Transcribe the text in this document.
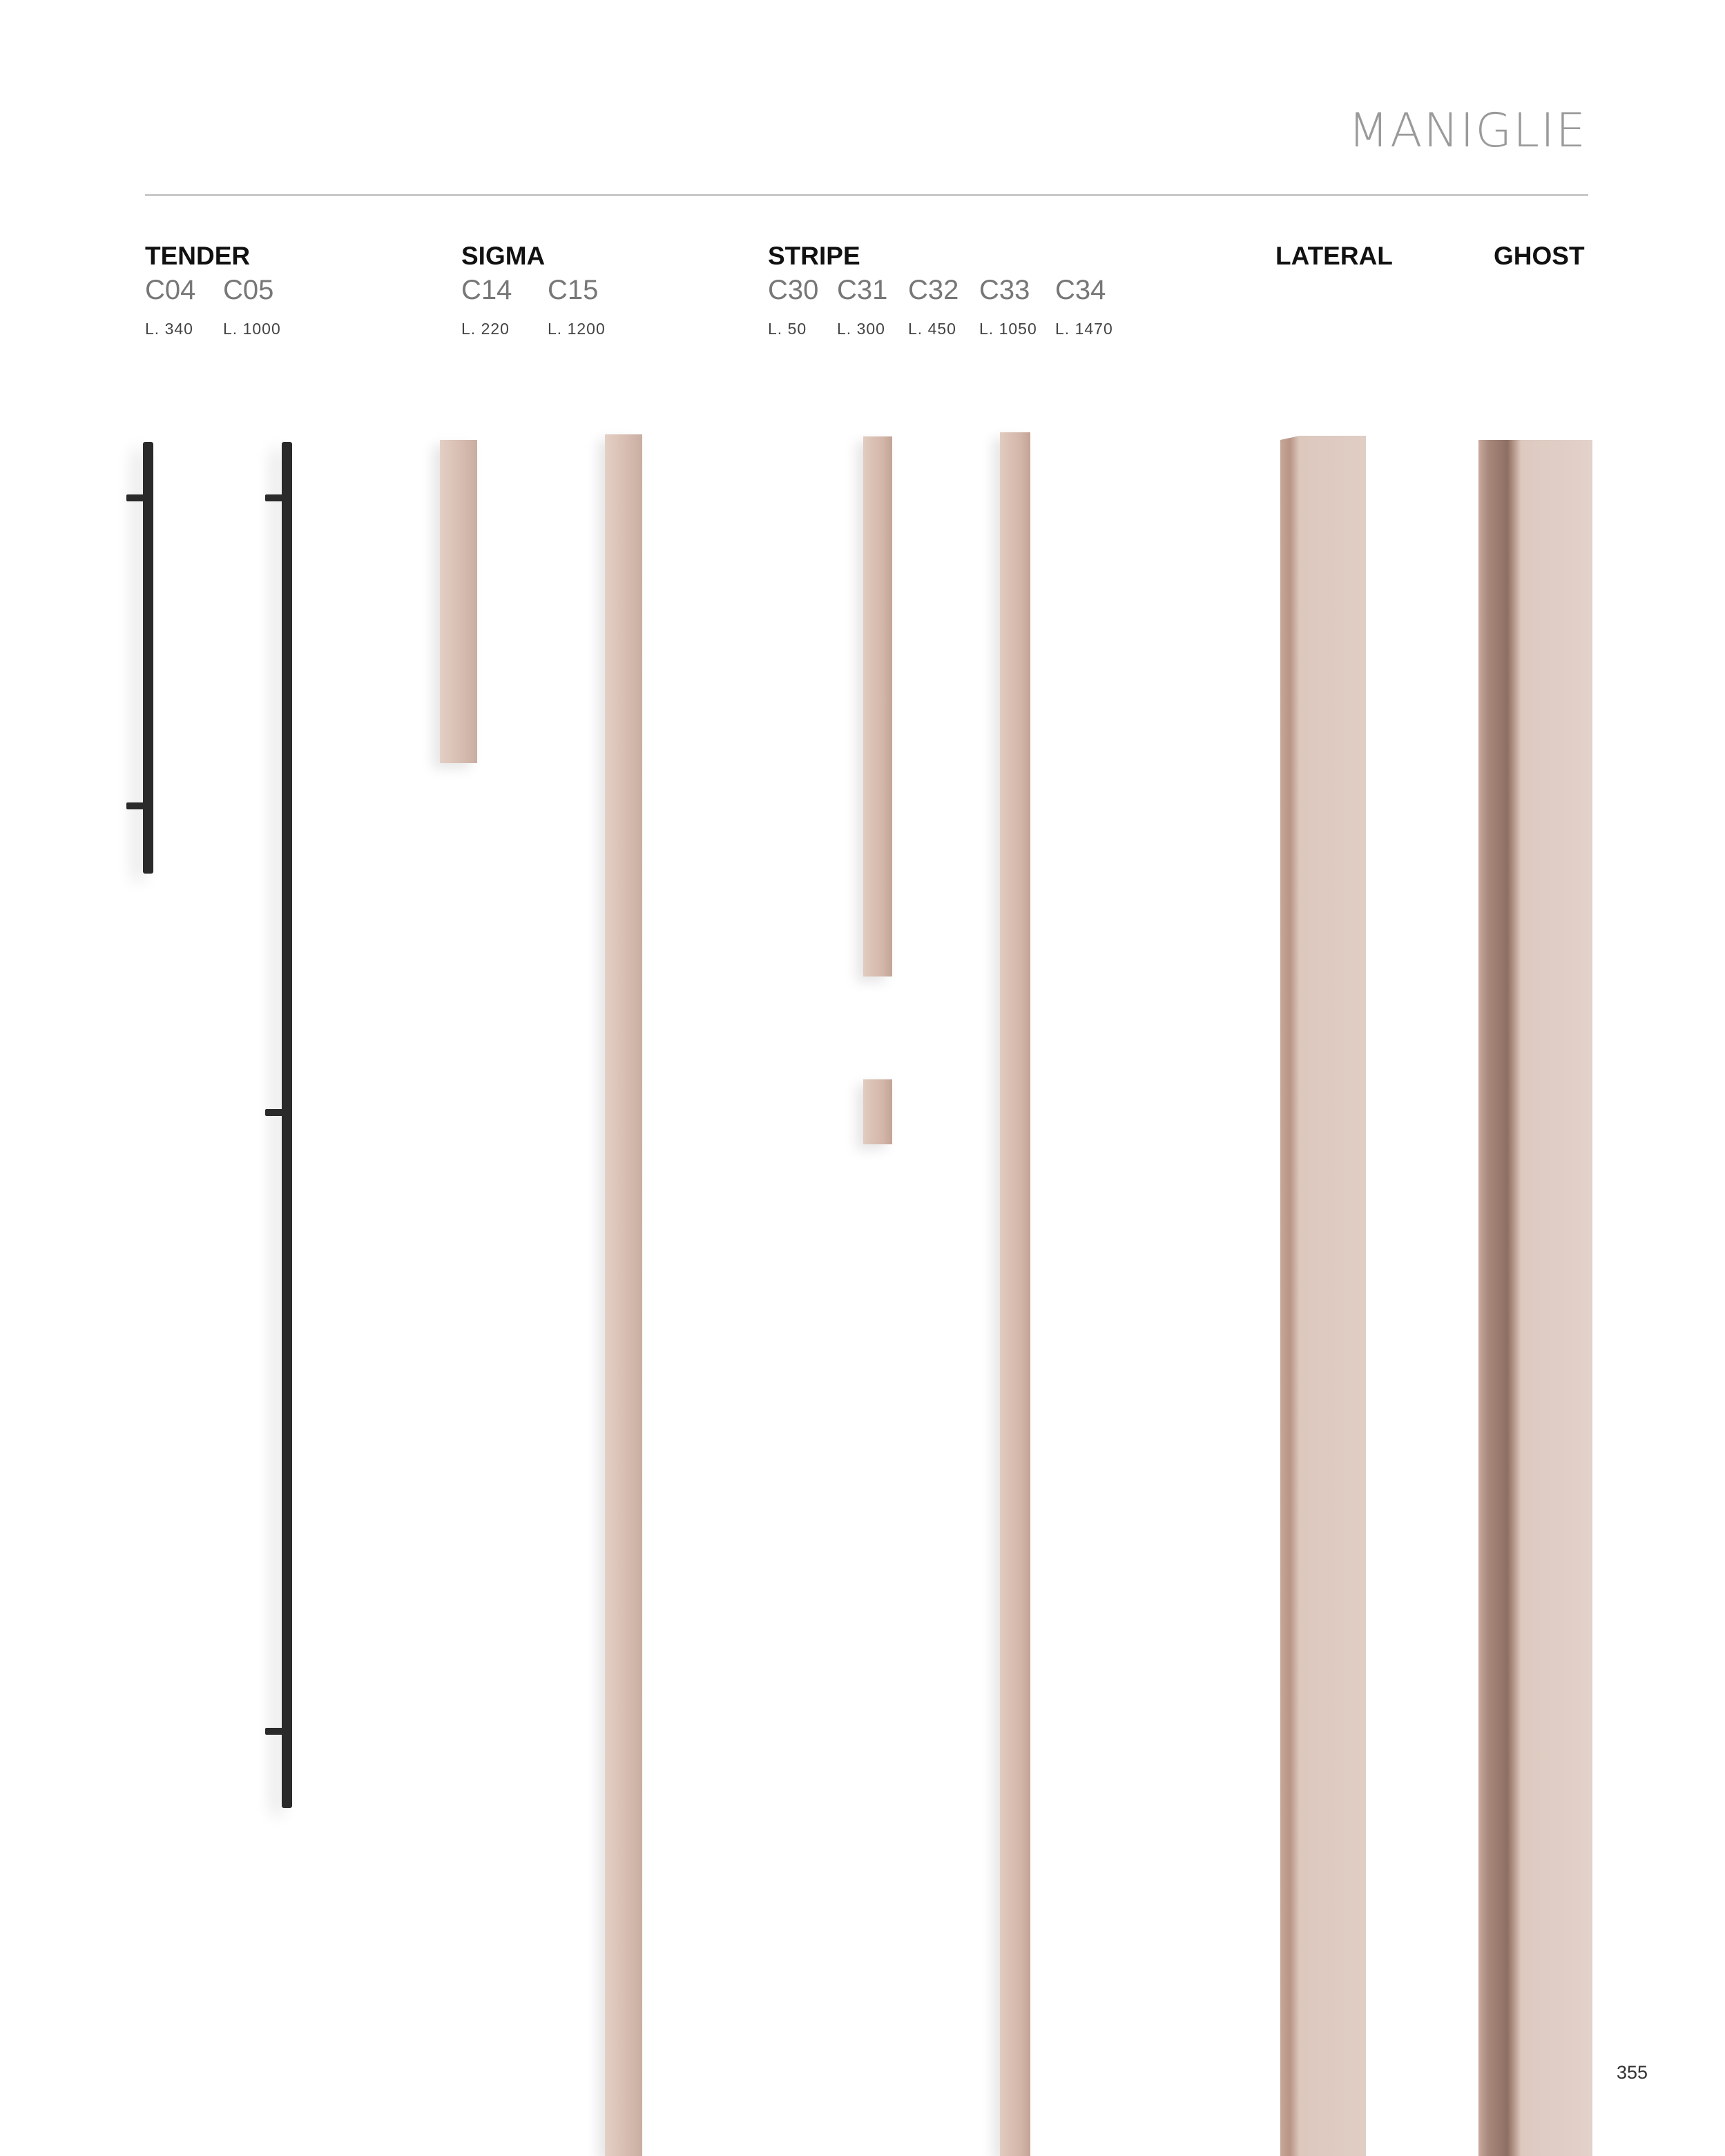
MANIGLIE
TENDER
C04 C05
L. 340 L. 1000
SIGMA
C14 C15
L. 220 L. 1200
STRIPE
C30 C31 C32 C33 C34
L. 50 L. 300 L. 450 L. 1050 L. 1470
LATERAL	GHOST
355
